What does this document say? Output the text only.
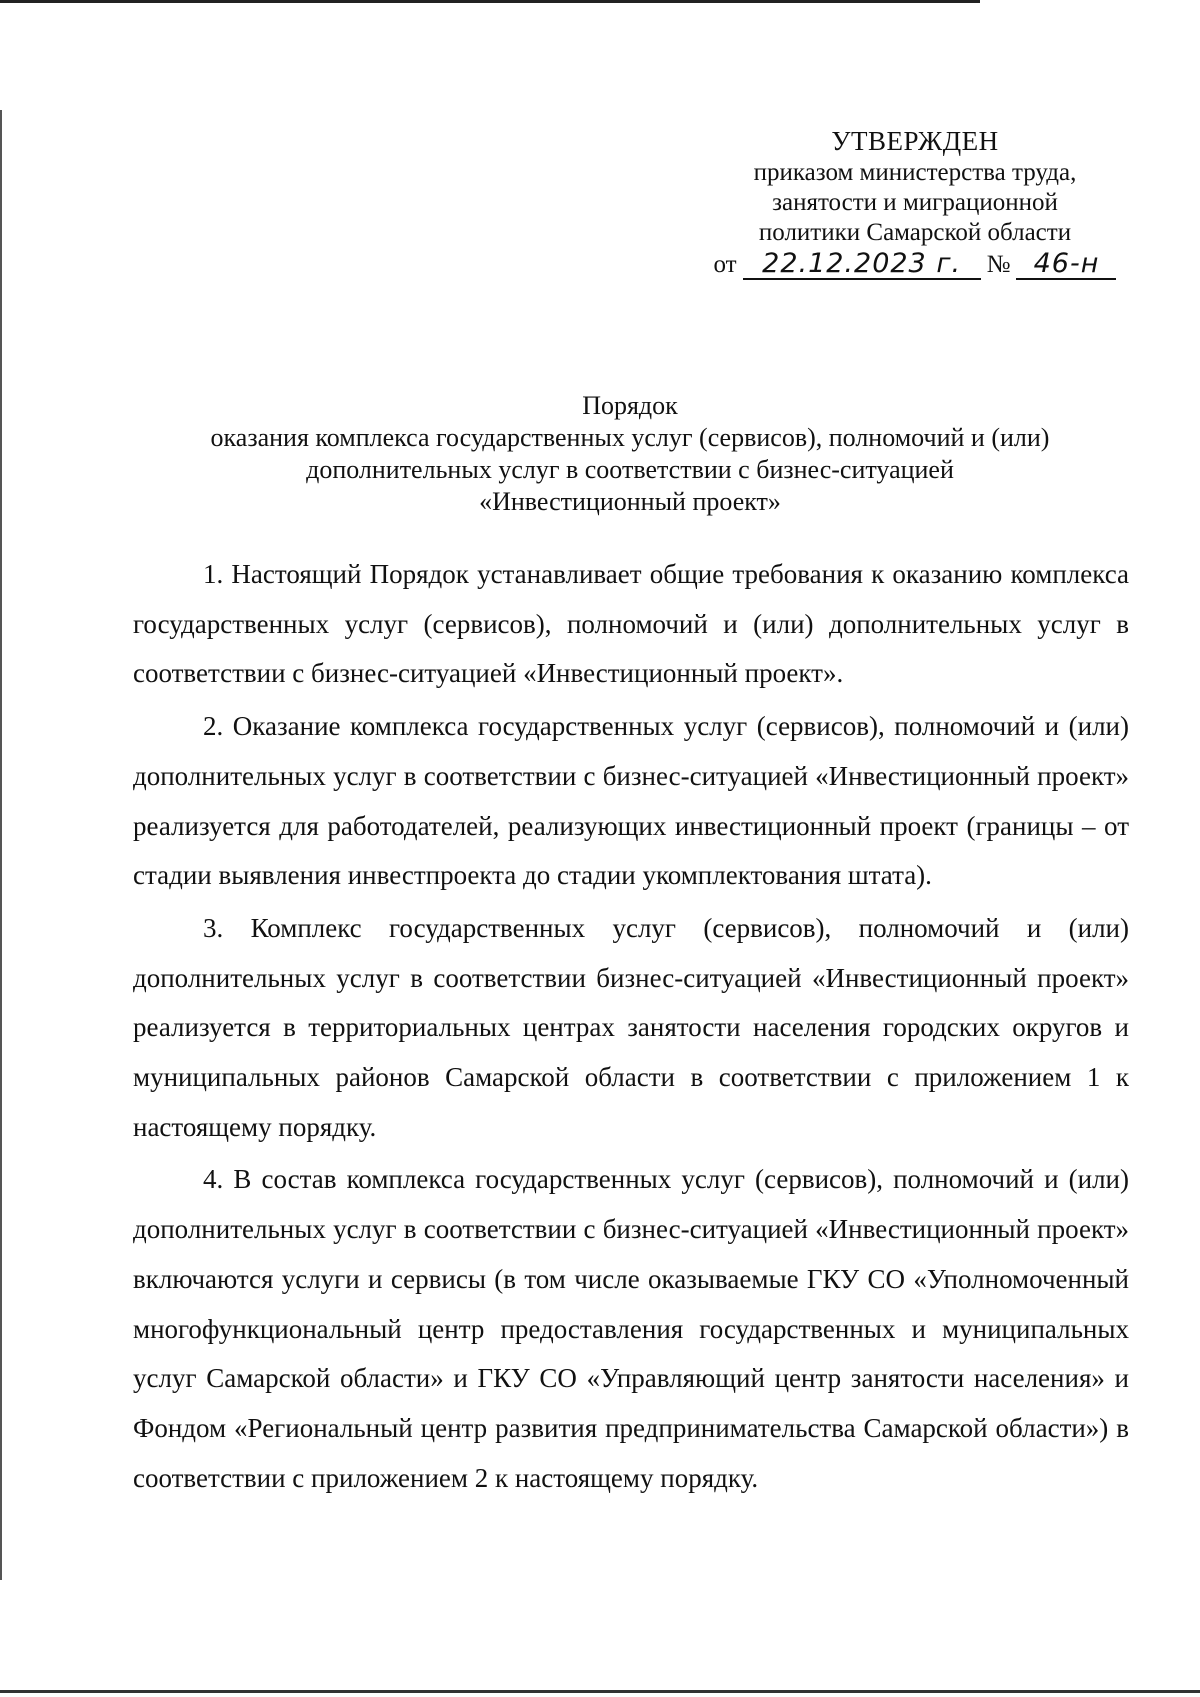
УТВЕРЖДЕН
приказом министерства труда,
занятости и миграционной
политики Самарской области
от 22.12.2023 г.	№ 46-н
Порядок
оказания комплекса государственных услуг (сервисов), полномочий и (или)
дополнительных услуг в соответствии с бизнес-ситуацией
«Инвестиционный проект»

1. Настоящий Порядок устанавливает общие требования к оказанию комплекса государственных услуг (сервисов), полномочий и (или) дополнительных услуг в соответствии с бизнес-ситуацией «Инвестиционный проект».

2. Оказание комплекса государственных услуг (сервисов), полномочий и (или) дополнительных услуг в соответствии с бизнес-ситуацией «Инвестиционный проект» реализуется для работодателей, реализующих инвестиционный проект (границы – от стадии выявления инвестпроекта до стадии укомплектования штата).

3. Комплекс государственных услуг (сервисов), полномочий и (или) дополнительных услуг в соответствии бизнес-ситуацией «Инвестиционный проект» реализуется в территориальных центрах занятости населения городских округов и муниципальных районов Самарской области в соответствии с приложением 1 к настоящему порядку.

4. В состав комплекса государственных услуг (сервисов), полномочий и (или) дополнительных услуг в соответствии с бизнес-ситуацией «Инвестиционный проект» включаются услуги и сервисы (в том числе оказываемые ГКУ СО «Уполномоченный многофункциональный центр предоставления государственных и муниципальных услуг Самарской области» и ГКУ СО «Управляющий центр занятости населения» и Фондом «Региональный центр развития предпринимательства Самарской области») в соответствии с приложением 2 к настоящему порядку.
